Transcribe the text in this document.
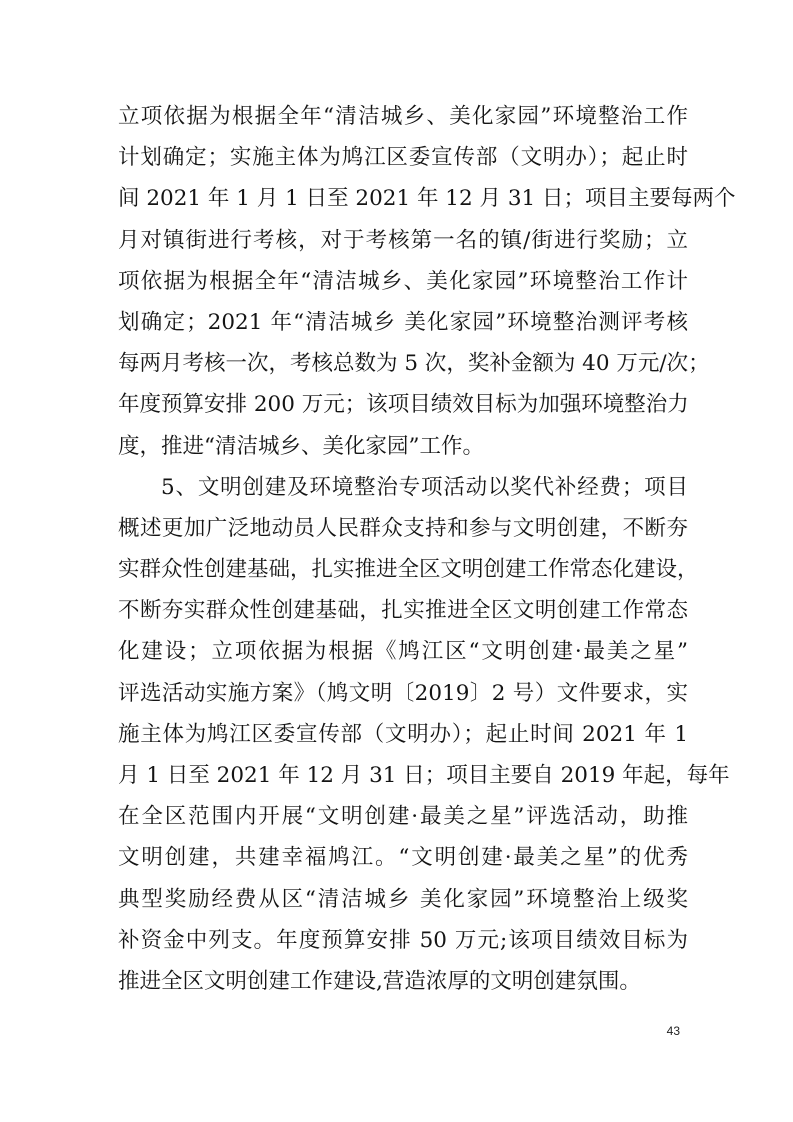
立项依据为根据全年“清洁城乡、美化家园”环境整治工作
计划确定；实施主体为鸠江区委宣传部（文明办）；起止时
间 2021 年 1 月 1 日至 2021 年 12 月 31 日；项目主要每两个
月对镇街进行考核，对于考核第一名的镇/街进行奖励；立
项依据为根据全年“清洁城乡、美化家园”环境整治工作计
划确定；2021 年“清洁城乡 美化家园”环境整治测评考核
每两月考核一次，考核总数为 5 次，奖补金额为 40 万元/次；
年度预算安排 200 万元；该项目绩效目标为加强环境整治力
度，推进“清洁城乡、美化家园”工作。
5、文明创建及环境整治专项活动以奖代补经费；项目
概述更加广泛地动员人民群众支持和参与文明创建，不断夯
实群众性创建基础，扎实推进全区文明创建工作常态化建设，
不断夯实群众性创建基础，扎实推进全区文明创建工作常态
化建设；立项依据为根据《鸠江区“文明创建·最美之星”
评选活动实施方案》（鸠文明〔2019〕2 号）文件要求，实
施主体为鸠江区委宣传部（文明办）；起止时间 2021 年 1
月 1 日至 2021 年 12 月 31 日；项目主要自 2019 年起，每年
在全区范围内开展“文明创建·最美之星”评选活动，助推
文明创建，共建幸福鸠江。“文明创建·最美之星”的优秀
典型奖励经费从区“清洁城乡 美化家园”环境整治上级奖
补资金中列支。年度预算安排 50 万元;该项目绩效目标为
推进全区文明创建工作建设,营造浓厚的文明创建氛围。
43
